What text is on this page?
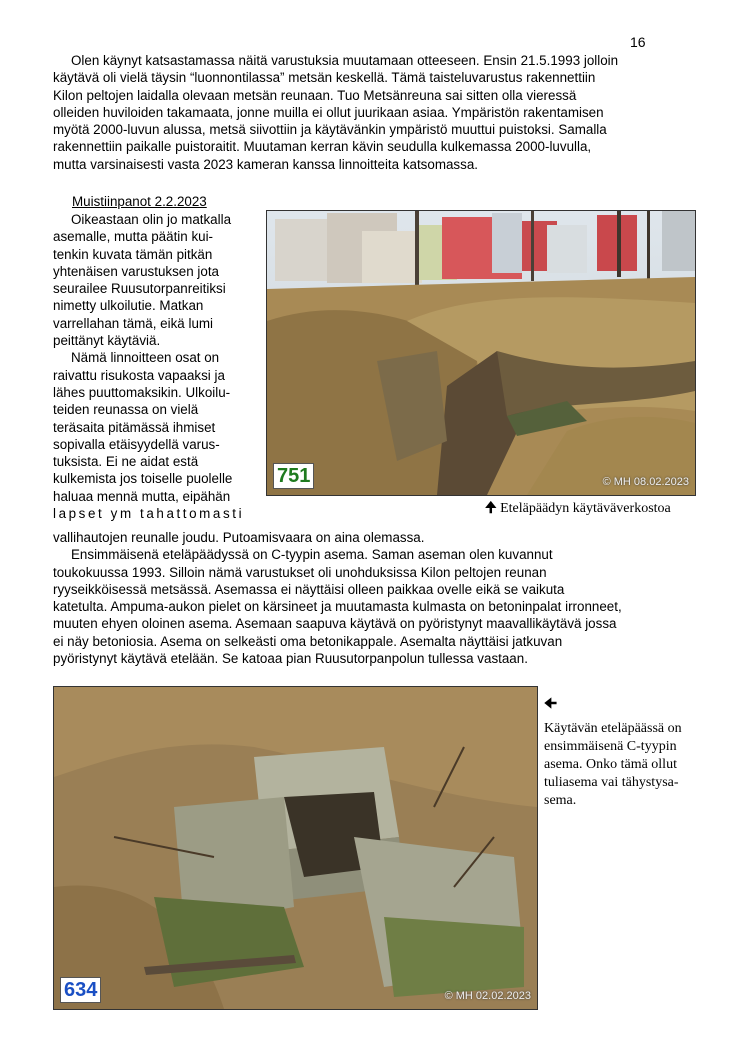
16
Olen käynyt katsastamassa näitä varustuksia muutamaan otteeseen. Ensin 21.5.1993 jolloin
käytävä oli vielä täysin “luonnontilassa” metsän keskellä. Tämä taisteluvarustus rakennettiin
Kilon peltojen laidalla olevaan metsän reunaan. Tuo Metsänreuna sai sitten olla vieressä
olleiden huviloiden takamaata, jonne muilla ei ollut juurikaan asiaa. Ympäristön rakentamisen
myötä 2000-luvun alussa, metsä siivottiin ja käytävänkin ympäristö muuttui puistoksi. Samalla
rakennettiin paikalle puistoraitit. Muutaman kerran kävin seudulla kulkemassa 2000-luvulla,
mutta varsinaisesti vasta 2023 kameran kanssa linnoitteita katsomassa.
Muistiinpanot 2.2.2023
Oikeastaan olin jo matkalla
asemalle, mutta päätin kui-
tenkin kuvata tämän pitkän
yhtenäisen varustuksen jota
seurailee Ruusutorpanreitiksi
nimetty ulkoilutie. Matkan
varrellahan tämä, eikä lumi
peittänyt käytäviä.
Nämä linnoitteen osat on
raivattu risukosta vapaaksi ja
lähes puuttomaksikin. Ulkoilu-
teiden reunassa on vielä
teräsaita pitämässä ihmiset
sopivalla etäisyydellä varus-
tuksista. Ei ne aidat estä
kulkemista jos toiselle puolelle
haluaa mennä mutta, eipähän
lapset ym tahattomasti
751	© MH 08.02.2023
🠉 Eteläpäädyn käytäväverkostoa
vallihautojen reunalle joudu. Putoamisvaara on aina olemassa.
Ensimmäisenä eteläpäädyssä on C-tyypin asema. Saman aseman olen kuvannut
toukokuussa 1993. Silloin nämä varustukset oli unohduksissa Kilon peltojen reunan
ryyseikköisessä metsässä. Asemassa ei näyttäisi olleen paikkaa ovelle eikä se vaikuta
katetulta. Ampuma-aukon pielet on kärsineet ja muutamasta kulmasta on betoninpalat irronneet,
muuten ehyen oloinen asema. Asemaan saapuva käytävä on pyöristynyt maavallikäytävä jossa
ei näy betoniosia. Asema on selkeästi oma betonikappale. Asemalta näyttäisi jatkuvan
pyöristynyt käytävä etelään. Se katoaa pian Ruusutorpanpolun tullessa vastaan.
634	© MH 02.02.2023
🠈
Käytävän eteläpäässä on
ensimmäisenä C-tyypin
asema. Onko tämä ollut
tuliasema vai tähystysa-
sema.
